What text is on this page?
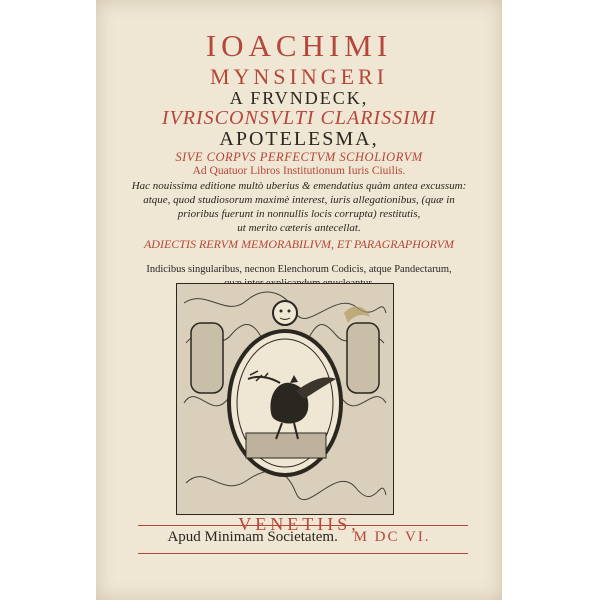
IOACHIMI
MYNSINGERI
A FRVNDECK,
IVRISCONSVLTI CLARISSIMI
APOTELESMA,
SIVE CORPVS PERFECTVM SCHOLIORVM
Ad Quatuor Libros Institutionum Iuris Ciuilis.
Hac nouissima editione multò uberius & emendatius quàm antea excussum:
atque, quod studiosorum maximè interest, iuris allegationibus, (quæ in
prioribus fuerunt in nonnullis locis corrupta) restitutis,
ut merito cæteris antecellat.
ADIECTIS RERVM MEMORABILIVM, ET PARAGRAPHORVM
Indicibus singularibus, necnon Elenchorum Codicis, atque Pandectarum,
VENETIIS,
Apud Minimam Societatem. M DC VI.
